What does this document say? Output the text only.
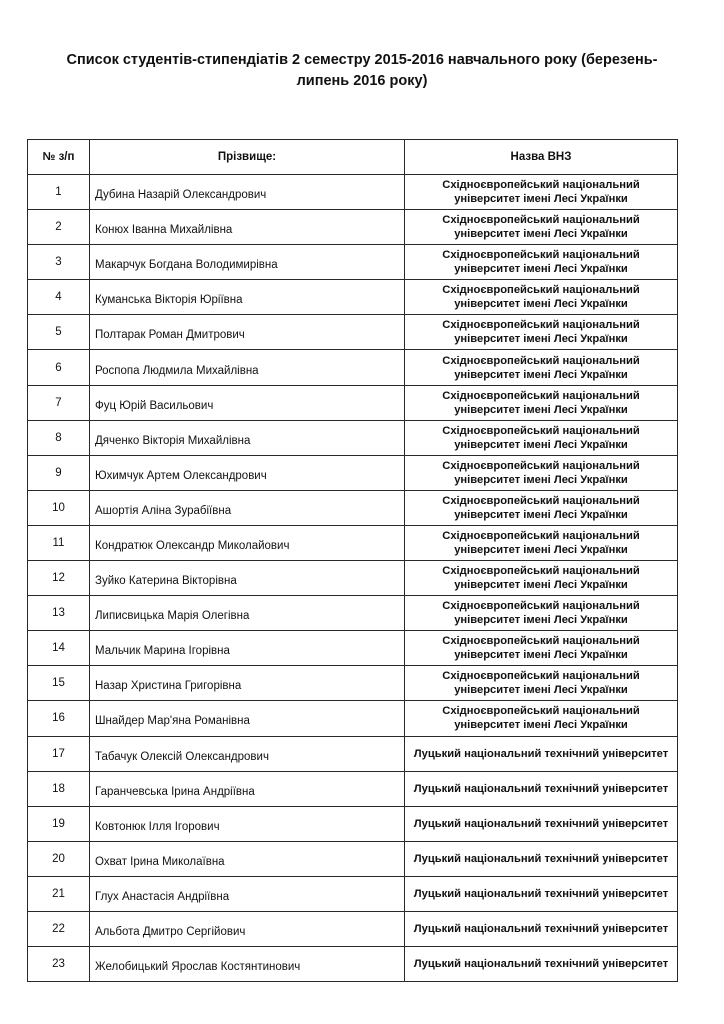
Список студентів-стипендіатів 2 семестру 2015-2016 навчального року (березень-
липень 2016 року)
№ з/п	Прізвище:	Назва ВНЗ
1	Дубина Назарій Олександрович	Східноєвропейський національний
університет імені Лесі Українки

2	Конюх Іванна Михайлівна	Східноєвропейський національний
університет імені Лесі Українки

3	Макарчук Богдана Володимирівна	Східноєвропейський національний
університет імені Лесі Українки

4	Куманська Вікторія Юріївна	Східноєвропейський національний
університет імені Лесі Українки

5	Полтарак Роман Дмитрович	Східноєвропейський національний
університет імені Лесі Українки

6	Роспопа Людмила Михайлівна	Східноєвропейський національний
університет імені Лесі Українки

7	Фуц Юрій Васильович	Східноєвропейський національний
університет імені Лесі Українки

8	Дяченко Вікторія Михайлівна	Східноєвропейський національний
університет імені Лесі Українки

9	Юхимчук Артем Олександрович	Східноєвропейський національний
університет імені Лесі Українки

10	Ашортія Аліна Зурабіївна	Східноєвропейський національний
університет імені Лесі Українки

11	Кондратюк Олександр Миколайович	Східноєвропейський національний
університет імені Лесі Українки

12	Зуйко Катерина Вікторівна	Східноєвропейський національний
університет імені Лесі Українки

13	Липисвицька Марія Олегівна	Східноєвропейський національний
університет імені Лесі Українки

14	Мальчик Марина Ігорівна	Східноєвропейський національний
університет імені Лесі Українки

15	Назар Христина Григорівна	Східноєвропейський національний
університет імені Лесі Українки

16	Шнайдер Мар'яна Романівна	Східноєвропейський національний
університет імені Лесі Українки

17	Табачук Олексій Олександрович	Луцький національний технічний університет

18	Гаранчевська Ірина Андріївна	Луцький національний технічний університет

19	Ковтонюк Ілля Ігорович	Луцький національний технічний університет

20	Охват Ірина Миколаївна	Луцький національний технічний університет

21	Глух Анастасія Андріївна	Луцький національний технічний університет

22	Альбота Дмитро Сергійович	Луцький національний технічний університет

23	Желобицький Ярослав Костянтинович	Луцький національний технічний університет
